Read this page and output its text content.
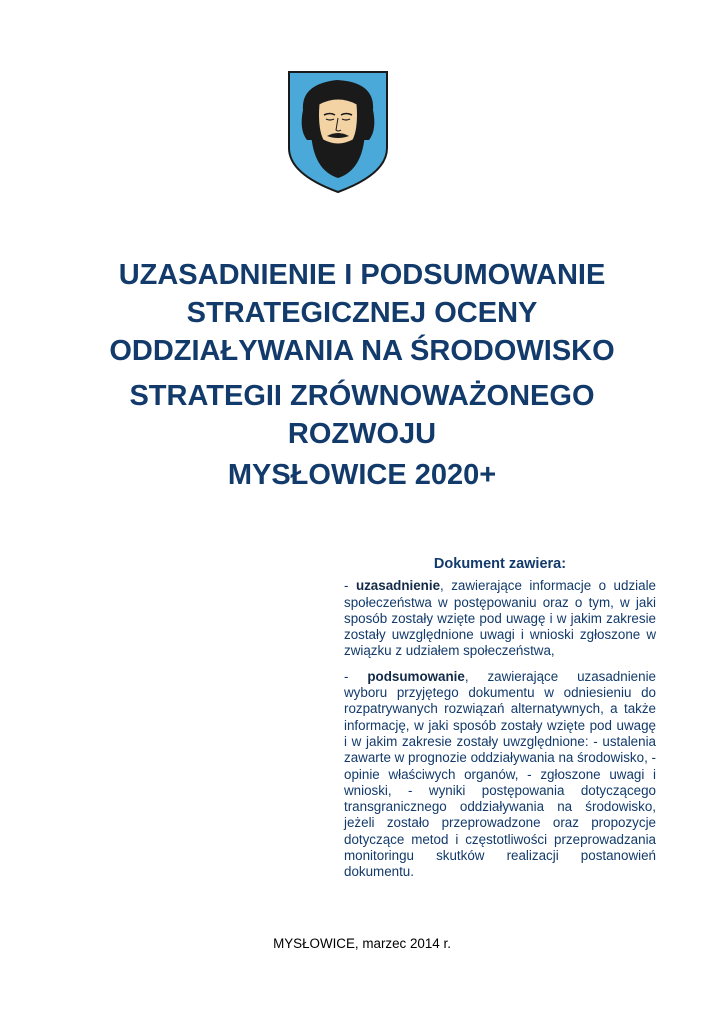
UZASADNIENIE I PODSUMOWANIE
STRATEGICZNEJ OCENY
ODDZIAŁYWANIA NA ŚRODOWISKO
STRATEGII ZRÓWNOWAŻONEGO
ROZWOJU
MYSŁOWICE 2020+
Dokument zawiera:

- uzasadnienie, zawierające informacje o udziale społeczeństwa w postępowaniu oraz o tym, w jaki sposób zostały wzięte pod uwagę i w jakim zakresie zostały uwzględnione uwagi i wnioski zgłoszone w związku z udziałem społeczeństwa,

- podsumowanie, zawierające uzasadnienie wyboru przyjętego dokumentu w odniesieniu do rozpatrywanych rozwiązań alternatywnych, a także informację, w jaki sposób zostały wzięte pod uwagę i w jakim zakresie zostały uwzględnione: - ustalenia zawarte w prognozie oddziaływania na środowisko, - opinie właściwych organów, - zgłoszone uwagi i wnioski, - wyniki postępowania dotyczącego transgranicznego oddziaływania na środowisko, jeżeli zostało przeprowadzone oraz propozycje dotyczące metod i częstotliwości przeprowadzania monitoringu skutków realizacji postanowień dokumentu.

MYSŁOWICE, marzec 2014 r.
